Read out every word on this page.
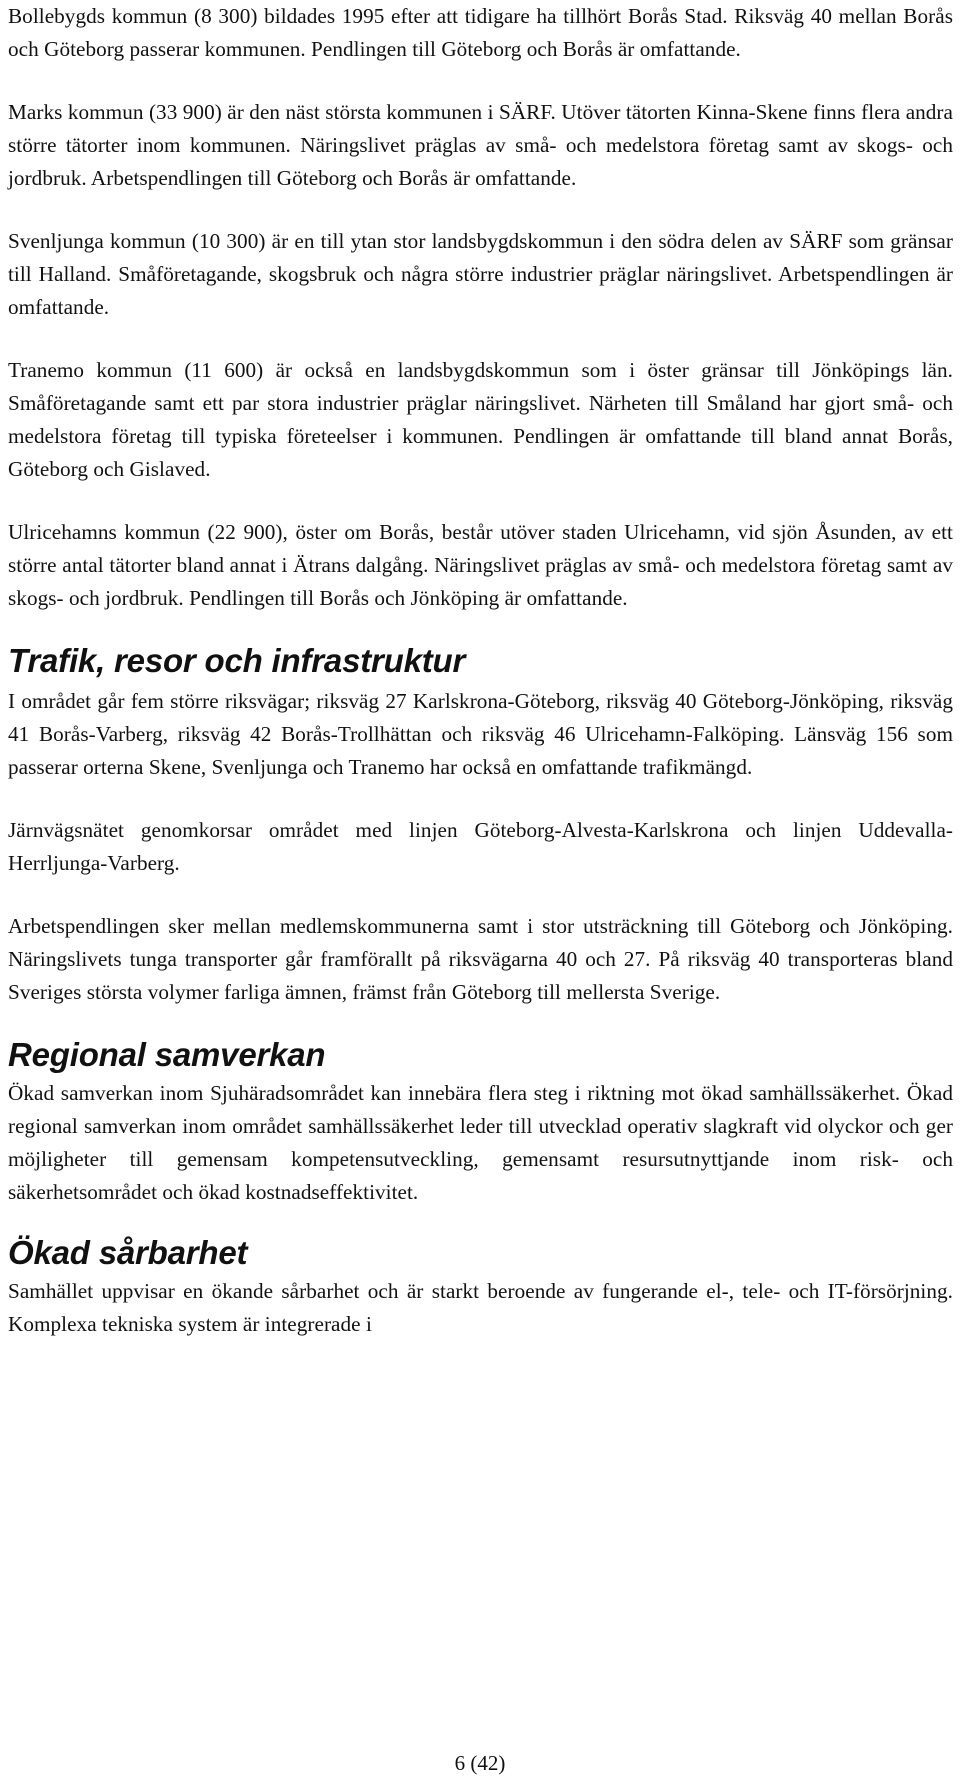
Bollebygds kommun (8 300) bildades 1995 efter att tidigare ha tillhört Borås Stad. Riksväg 40 mellan Borås och Göteborg passerar kommunen. Pendlingen till Göteborg och Borås är omfattande.

Marks kommun (33 900) är den näst största kommunen i SÄRF. Utöver tätorten Kinna-Skene finns flera andra större tätorter inom kommunen. Näringslivet präglas av små- och medelstora företag samt av skogs- och jordbruk. Arbetspendlingen till Göteborg och Borås är omfattande.

Svenljunga kommun (10 300) är en till ytan stor landsbygdskommun i den södra delen av SÄRF som gränsar till Halland. Småföretagande, skogsbruk och några större industrier präglar näringslivet. Arbetspendlingen är omfattande.

Tranemo kommun (11 600) är också en landsbygdskommun som i öster gränsar till Jönköpings län. Småföretagande samt ett par stora industrier präglar näringslivet. Närheten till Småland har gjort små- och medelstora företag till typiska företeelser i kommunen. Pendlingen är omfattande till bland annat Borås, Göteborg och Gislaved.

Ulricehamns kommun (22 900), öster om Borås, består utöver staden Ulricehamn, vid sjön Åsunden, av ett större antal tätorter bland annat i Ätrans dalgång. Näringslivet präglas av små- och medelstora företag samt av skogs- och jordbruk. Pendlingen till Borås och Jönköping är omfattande.

Trafik, resor och infrastruktur

I området går fem större riksvägar; riksväg 27 Karlskrona-Göteborg, riksväg 40 Göteborg-Jönköping, riksväg 41 Borås-Varberg, riksväg 42 Borås-Trollhättan och riksväg 46 Ulricehamn-Falköping. Länsväg 156 som passerar orterna Skene, Svenljunga och Tranemo har också en omfattande trafikmängd.

Järnvägsnätet genomkorsar området med linjen Göteborg-Alvesta-Karlskrona och linjen Uddevalla-Herrljunga-Varberg.

Arbetspendlingen sker mellan medlemskommunerna samt i stor utsträckning till Göteborg och Jönköping. Näringslivets tunga transporter går framförallt på riksvägarna 40 och 27. På riksväg 40 transporteras bland Sveriges största volymer farliga ämnen, främst från Göteborg till mellersta Sverige.

Regional samverkan

Ökad samverkan inom Sjuhäradsområdet kan innebära flera steg i riktning mot ökad samhällssäkerhet. Ökad regional samverkan inom området samhällssäkerhet leder till utvecklad operativ slagkraft vid olyckor och ger möjligheter till gemensam kompetensutveckling, gemensamt resursutnyttjande inom risk- och säkerhetsområdet och ökad kostnadseffektivitet.

Ökad sårbarhet

Samhället uppvisar en ökande sårbarhet och är starkt beroende av fungerande el-, tele- och IT-försörjning. Komplexa tekniska system är integrerade i

6 (42)
